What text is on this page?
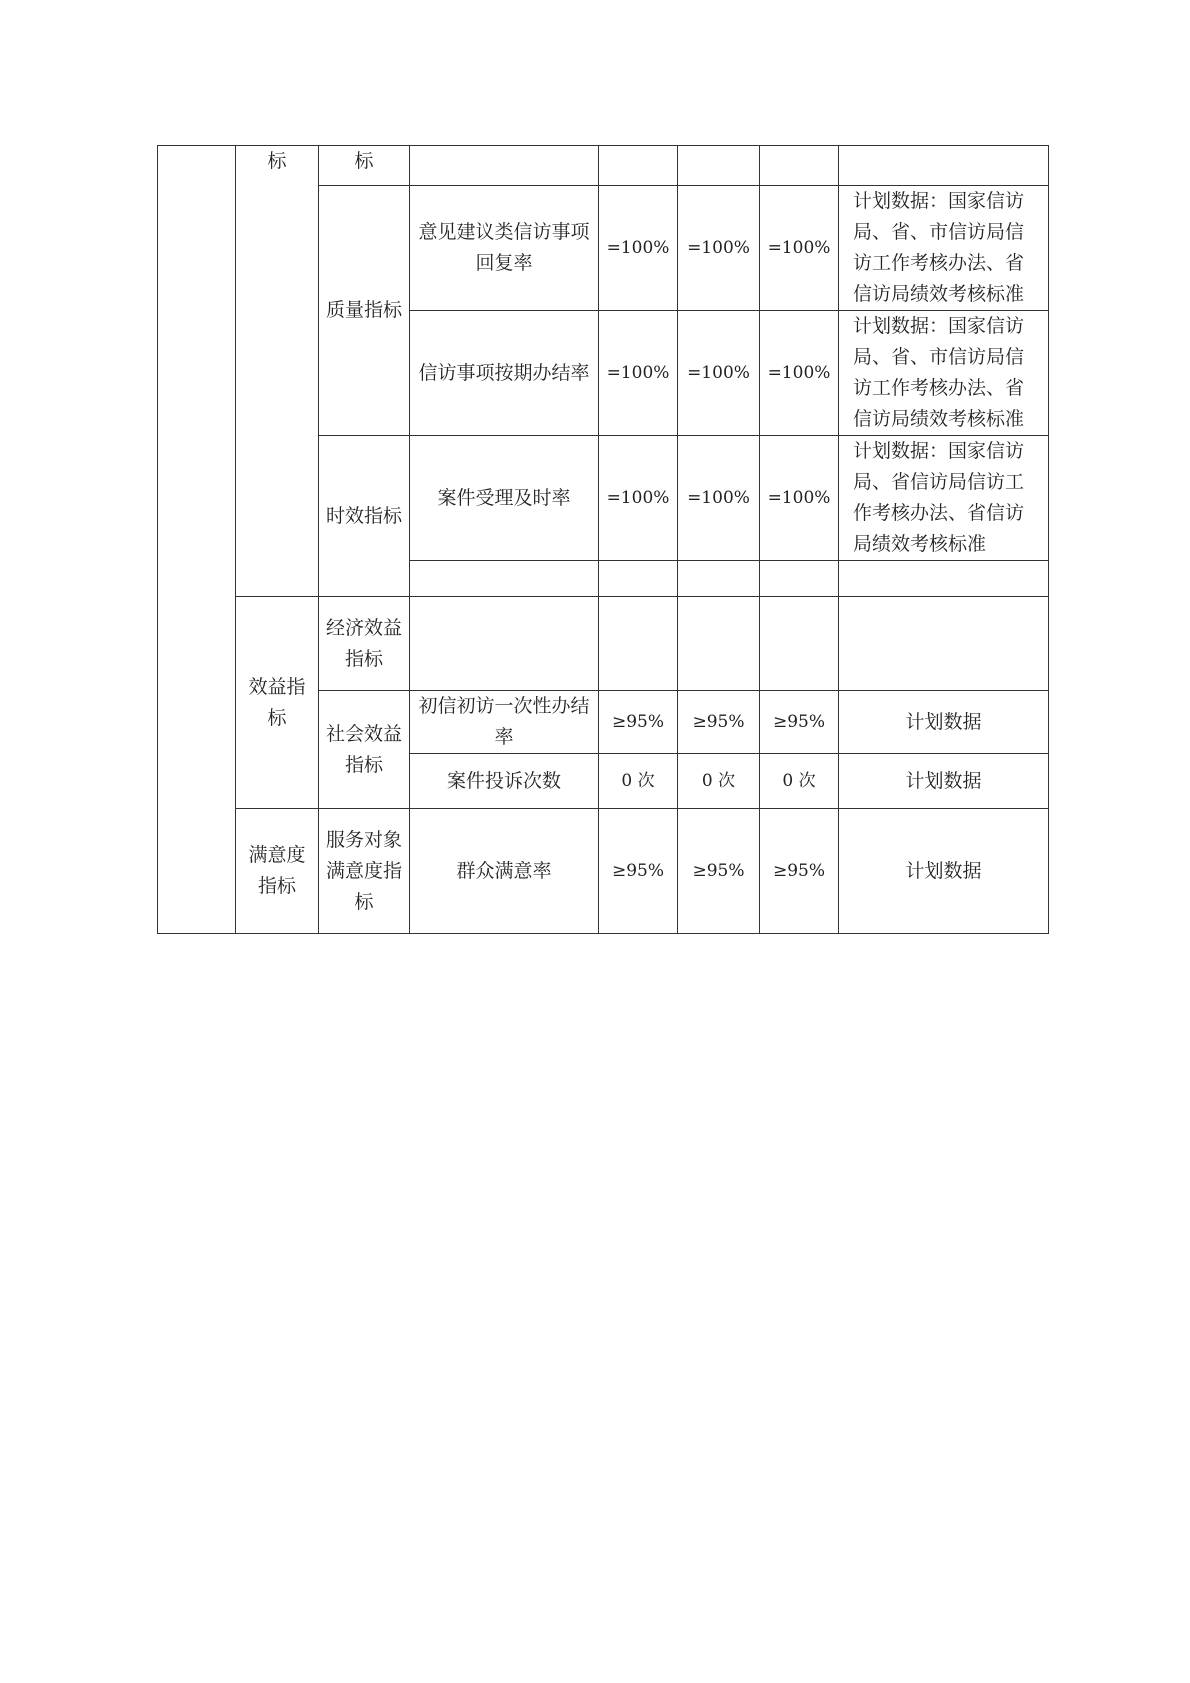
	标	标					
		质量指标	意见建议类信访事项回复率	=100%	=100%	=100%	计划数据：国家信访局、省、市信访局信访工作考核办法、省信访局绩效考核标准
			信访事项按期办结率	=100%	=100%	=100%	计划数据：国家信访局、省、市信访局信访工作考核办法、省信访局绩效考核标准
		时效指标	案件受理及时率	=100%	=100%	=100%	计划数据：国家信访局、省信访局信访工作考核办法、省信访局绩效考核标准

	效益指标	经济效益指标					
		社会效益指标	初信初访一次性办结率	≥95%	≥95%	≥95%	计划数据
			案件投诉次数	0 次	0 次	0 次	计划数据
	满意度指标	服务对象满意度指标	群众满意率	≥95%	≥95%	≥95%	计划数据
